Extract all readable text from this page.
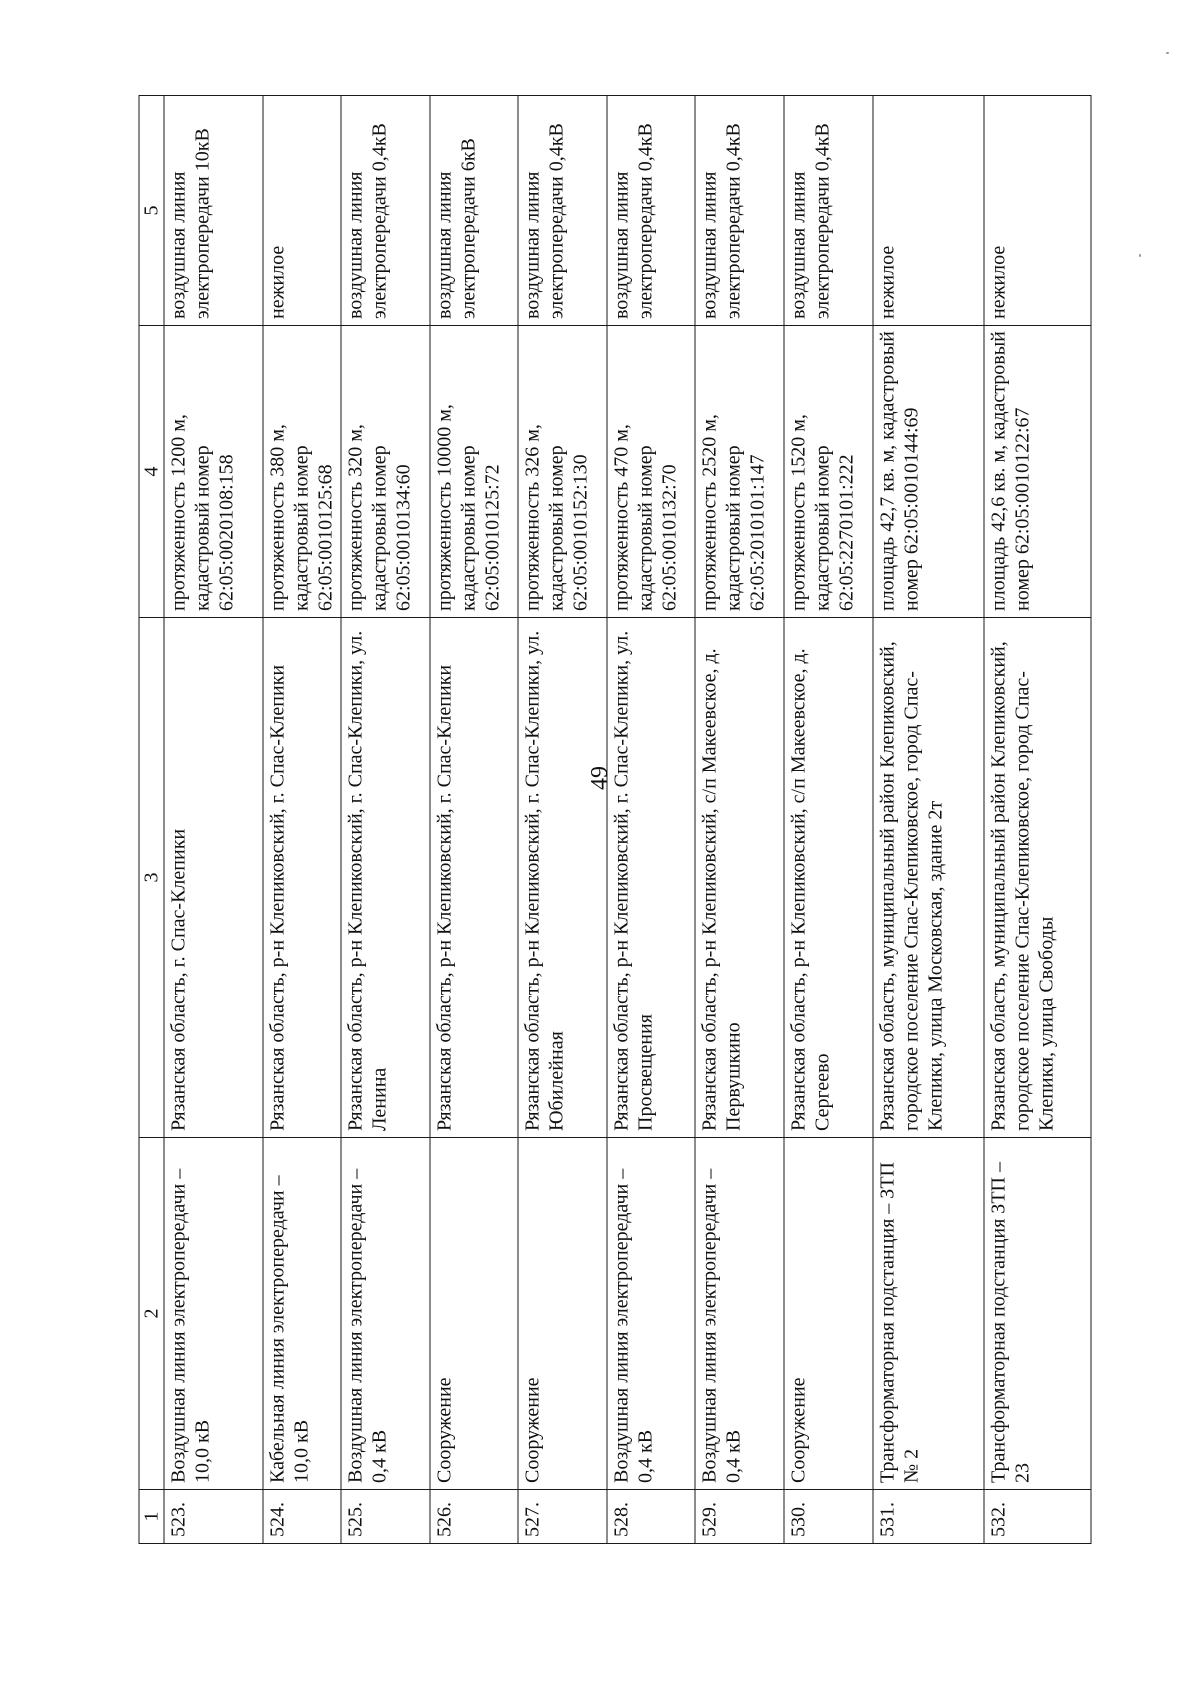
49
1	2	3	4	5
523.	Воздушная линия электропередачи –10,0 кВ	Рязанская область, г. Спас-Клепики	протяженность 1200 м, кадастровый номер 62:05:0020108:158	воздушная линия электропередачи 10кВ
524.	Кабельная линия электропередачи –10,0 кВ	Рязанская область, р-н Клепиковский, г. Спас-Клепики	протяженность 380 м, кадастровый номер 62:05:0010125:68	нежилое
525.	Воздушная линия электропередачи – 0,4 кВ	Рязанская область, р-н Клепиковский, г. Спас-Клепики, ул. Ленина	протяженность 320 м, кадастровый номер 62:05:0010134:60	воздушная линия электропередачи 0,4кВ
526.	Сооружение	Рязанская область, р-н Клепиковский, г. Спас-Клепики	протяженность 10000 м, кадастровый номер 62:05:0010125:72	воздушная линия электропередачи 6кВ
527.	Сооружение	Рязанская область, р-н Клепиковский, г. Спас-Клепики, ул. Юбилейная	протяженность 326 м, кадастровый номер 62:05:0010152:130	воздушная линия электропередачи 0,4кВ
528.	Воздушная линия электропередачи – 0,4 кВ	Рязанская область, р-н Клепиковский, г. Спас-Клепики, ул. Просвещения	протяженность 470 м, кадастровый номер 62:05:0010132:70	воздушная линия электропередачи 0,4кВ
529.	Воздушная линия электропередачи – 0,4 кВ	Рязанская область, р-н Клепиковский, с/п Макеевское, д. Первушкино	протяженность 2520 м, кадастровый номер 62:05:2010101:147	воздушная линия электропередачи 0,4кВ
530.	Сооружение	Рязанская область, р-н Клепиковский, с/п Макеевское, д. Сергеево	протяженность 1520 м, кадастровый номер 62:05:2270101:222	воздушная линия электропередачи 0,4кВ
531.	Трансформаторная подстанция – ЗТП № 2	Рязанская область, муниципальный район Клепиковский, городское поселение Спас-Клепиковское, город Спас-Клепики, улица Московская, здание 2т	площадь 42,7 кв. м, кадастровый номер 62:05:0010144:69	нежилое
532.	Трансформаторная подстанция ЗТП –23	Рязанская область, муниципальный район Клепиковский, городское поселение Спас-Клепиковское, город Спас-Клепики, улица Свободы	площадь 42,6 кв. м, кадастровый номер 62:05:0010122:67	нежилое
